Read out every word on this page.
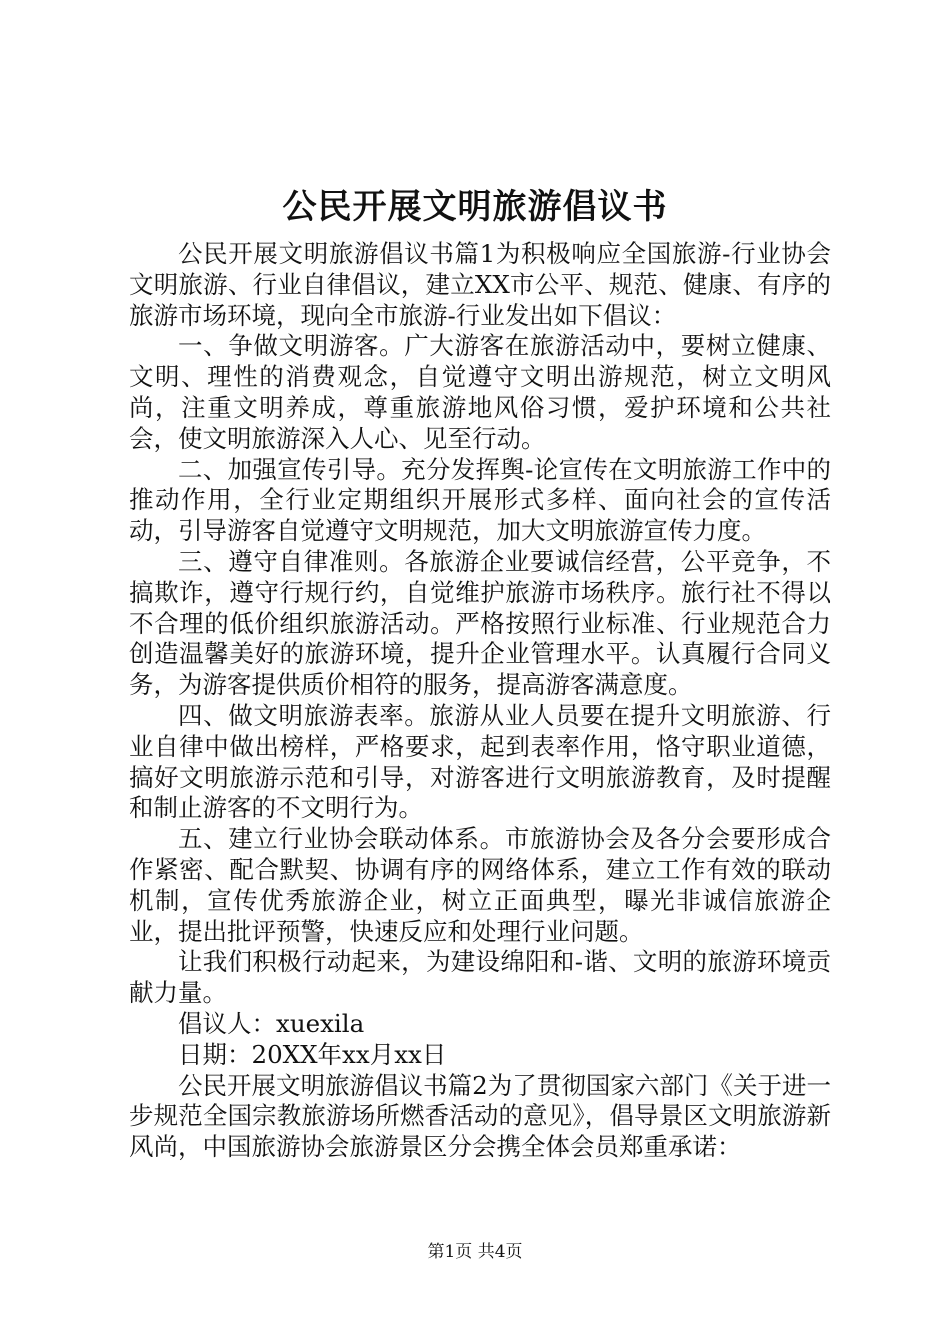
公民开展文明旅游倡议书

公民开展文明旅游倡议书篇1为积极响应全国旅游-行业协会文明旅游、行业自律倡议，建立XX市公平、规范、健康、有序的旅游市场环境，现向全市旅游-行业发出如下倡议：

一、争做文明游客。广大游客在旅游活动中，要树立健康、文明、理性的消费观念，自觉遵守文明出游规范，树立文明风尚，注重文明养成，尊重旅游地风俗习惯，爱护环境和公共社会，使文明旅游深入人心、见至行动。

二、加强宣传引导。充分发挥舆-论宣传在文明旅游工作中的推动作用，全行业定期组织开展形式多样、面向社会的宣传活动，引导游客自觉遵守文明规范，加大文明旅游宣传力度。

三、遵守自律准则。各旅游企业要诚信经营，公平竞争，不搞欺诈，遵守行规行约，自觉维护旅游市场秩序。旅行社不得以不合理的低价组织旅游活动。严格按照行业标准、行业规范合力创造温馨美好的旅游环境，提升企业管理水平。认真履行合同义务，为游客提供质价相符的服务，提高游客满意度。

四、做文明旅游表率。旅游从业人员要在提升文明旅游、行业自律中做出榜样，严格要求，起到表率作用，恪守职业道德，搞好文明旅游示范和引导，对游客进行文明旅游教育，及时提醒和制止游客的不文明行为。

五、建立行业协会联动体系。市旅游协会及各分会要形成合作紧密、配合默契、协调有序的网络体系，建立工作有效的联动机制，宣传优秀旅游企业，树立正面典型，曝光非诚信旅游企业，提出批评预警，快速反应和处理行业问题。

让我们积极行动起来，为建设绵阳和-谐、文明的旅游环境贡献力量。

倡议人：xuexila

日期：20XX年xx月xx日

公民开展文明旅游倡议书篇2为了贯彻国家六部门《关于进一步规范全国宗教旅游场所燃香活动的意见》，倡导景区文明旅游新风尚，中国旅游协会旅游景区分会携全体会员郑重承诺：

第1页 共4页
